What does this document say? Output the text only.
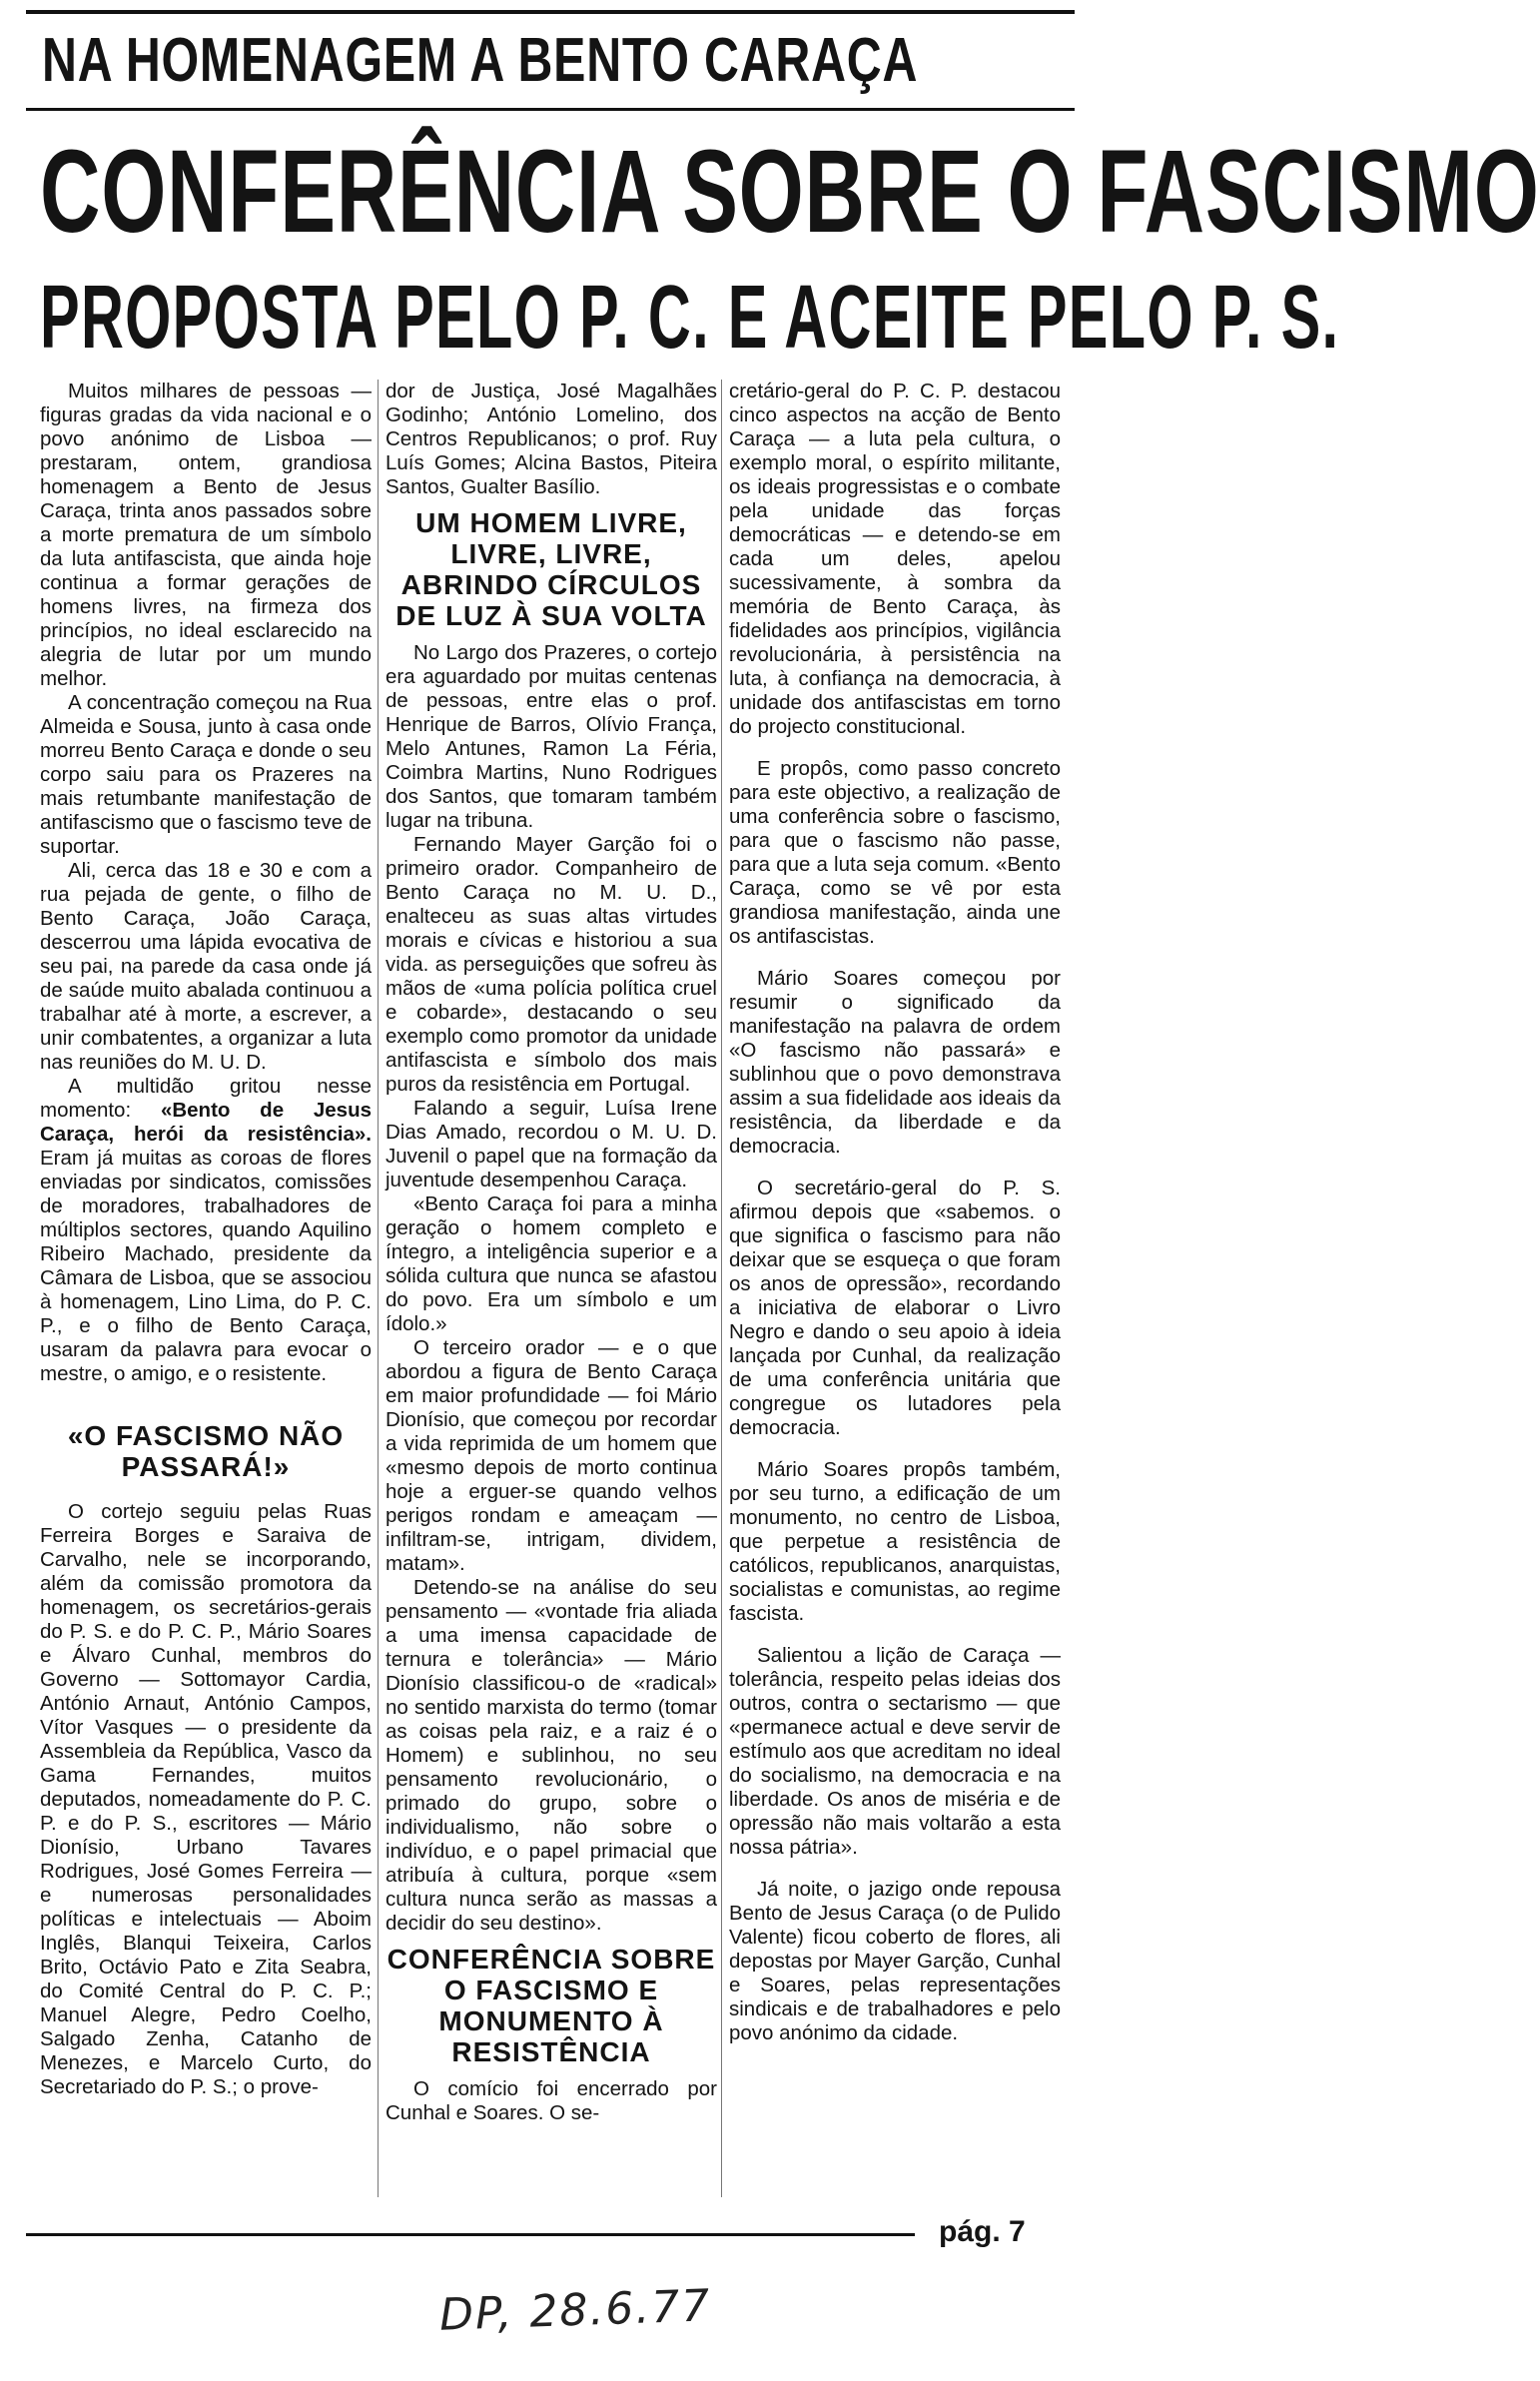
NA HOMENAGEM A BENTO CARAÇA
CONFERÊNCIA SOBRE O FASCISMO
PROPOSTA PELO P. C. E ACEITE PELO P. S.

Muitos milhares de pessoas — figuras gradas da vida nacional e o povo anónimo de Lisboa — prestaram, ontem, grandiosa homenagem a Bento de Jesus Caraça, trinta anos passados sobre a morte prematura de um símbolo da luta antifascista, que ainda hoje continua a formar gerações de homens livres, na firmeza dos princípios, no ideal esclarecido na alegria de lutar por um mundo melhor.

A concentração começou na Rua Almeida e Sousa, junto à casa onde morreu Bento Caraça e donde o seu corpo saiu para os Prazeres na mais retumbante manifestação de antifascismo que o fascismo teve de suportar.

Ali, cerca das 18 e 30 e com a rua pejada de gente, o filho de Bento Caraça, João Caraça, descerrou uma lápida evocativa de seu pai, na parede da casa onde já de saúde muito abalada continuou a trabalhar até à morte, a escrever, a unir combatentes, a organizar a luta nas reuniões do M. U. D.

A multidão gritou nesse momento: «Bento de Jesus Caraça, herói da resistência». Eram já muitas as coroas de flores enviadas por sindicatos, comissões de moradores, trabalhadores de múltiplos sectores, quando Aquilino Ribeiro Machado, presidente da Câmara de Lisboa, que se associou à homenagem, Lino Lima, do P. C. P., e o filho de Bento Caraça, usaram da palavra para evocar o mestre, o amigo, e o resistente.

«O FASCISMO NÃO PASSARÁ!»

O cortejo seguiu pelas Ruas Ferreira Borges e Saraiva de Carvalho, nele se incorporando, além da comissão promotora da homenagem, os secretários-gerais do P. S. e do P. C. P., Mário Soares e Álvaro Cunhal, membros do Governo — Sottomayor Cardia, António Arnaut, António Campos, Vítor Vasques — o presidente da Assembleia da República, Vasco da Gama Fernandes, muitos deputados, nomeadamente do P. C. P. e do P. S., escritores — Mário Dionísio, Urbano Tavares Rodrigues, José Gomes Ferreira — e numerosas personalidades políticas e intelectuais — Aboim Inglês, Blanqui Teixeira, Carlos Brito, Octávio Pato e Zita Seabra, do Comité Central do P. C. P.; Manuel Alegre, Pedro Coelho, Salgado Zenha, Catanho de Menezes, e Marcelo Curto, do Secretariado do P. S.; o prove-

dor de Justiça, José Magalhães Godinho; António Lomelino, dos Centros Republicanos; o prof. Ruy Luís Gomes; Alcina Bastos, Piteira Santos, Gualter Basílio.

UM HOMEM LIVRE, LIVRE, LIVRE, ABRINDO CÍRCULOS DE LUZ À SUA VOLTA

No Largo dos Prazeres, o cortejo era aguardado por muitas centenas de pessoas, entre elas o prof. Henrique de Barros, Olívio França, Melo Antunes, Ramon La Féria, Coimbra Martins, Nuno Rodrigues dos Santos, que tomaram também lugar na tribuna.

Fernando Mayer Garção foi o primeiro orador. Companheiro de Bento Caraça no M. U. D., enalteceu as suas altas virtudes morais e cívicas e historiou a sua vida. as perseguições que sofreu às mãos de «uma polícia política cruel e cobarde», destacando o seu exemplo como promotor da unidade antifascista e símbolo dos mais puros da resistência em Portugal.

Falando a seguir, Luísa Irene Dias Amado, recordou o M. U. D. Juvenil o papel que na formação da juventude desempenhou Caraça.

«Bento Caraça foi para a minha geração o homem completo e íntegro, a inteligência superior e a sólida cultura que nunca se afastou do povo. Era um símbolo e um ídolo.»

O terceiro orador — e o que abordou a figura de Bento Caraça em maior profundidade — foi Mário Dionísio, que começou por recordar a vida reprimida de um homem que «mesmo depois de morto continua hoje a erguer-se quando velhos perigos rondam e ameaçam — infiltram-se, intrigam, dividem, matam».

Detendo-se na análise do seu pensamento — «vontade fria aliada a uma imensa capacidade de ternura e tolerância» — Mário Dionísio classificou-o de «radical» no sentido marxista do termo (tomar as coisas pela raiz, e a raiz é o Homem) e sublinhou, no seu pensamento revolucionário, o primado do grupo, sobre o individualismo, não sobre o indivíduo, e o papel primacial que atribuía à cultura, porque «sem cultura nunca serão as massas a decidir do seu destino».

CONFERÊNCIA SOBRE O FASCISMO E MONUMENTO À RESISTÊNCIA

O comício foi encerrado por Cunhal e Soares. O se-

cretário-geral do P. C. P. destacou cinco aspectos na acção de Bento Caraça — a luta pela cultura, o exemplo moral, o espírito militante, os ideais progressistas e o combate pela unidade das forças democráticas — e detendo-se em cada um deles, apelou sucessivamente, à sombra da memória de Bento Caraça, às fidelidades aos princípios, vigilância revolucionária, à persistência na luta, à confiança na democracia, à unidade dos antifascistas em torno do projecto constitucional.

E propôs, como passo concreto para este objectivo, a realização de uma conferência sobre o fascismo, para que o fascismo não passe, para que a luta seja comum. «Bento Caraça, como se vê por esta grandiosa manifestação, ainda une os antifascistas.

Mário Soares começou por resumir o significado da manifestação na palavra de ordem «O fascismo não passará» e sublinhou que o povo demonstrava assim a sua fidelidade aos ideais da resistência, da liberdade e da democracia.

O secretário-geral do P. S. afirmou depois que «sabemos. o que significa o fascismo para não deixar que se esqueça o que foram os anos de opressão», recordando a iniciativa de elaborar o Livro Negro e dando o seu apoio à ideia lançada por Cunhal, da realização de uma conferência unitária que congregue os lutadores pela democracia.

Mário Soares propôs também, por seu turno, a edificação de um monumento, no centro de Lisboa, que perpetue a resistência de católicos, republicanos, anarquistas, socialistas e comunistas, ao regime fascista.

Salientou a lição de Caraça — tolerância, respeito pelas ideias dos outros, contra o sectarismo — que «permanece actual e deve servir de estímulo aos que acreditam no ideal do socialismo, na democracia e na liberdade. Os anos de miséria e de opressão não mais voltarão a esta nossa pátria».

Já noite, o jazigo onde repousa Bento de Jesus Caraça (o de Pulido Valente) ficou coberto de flores, ali depostas por Mayer Garção, Cunhal e Soares, pelas representações sindicais e de trabalhadores e pelo povo anónimo da cidade.

pág. 7
DP, 28.6.77
